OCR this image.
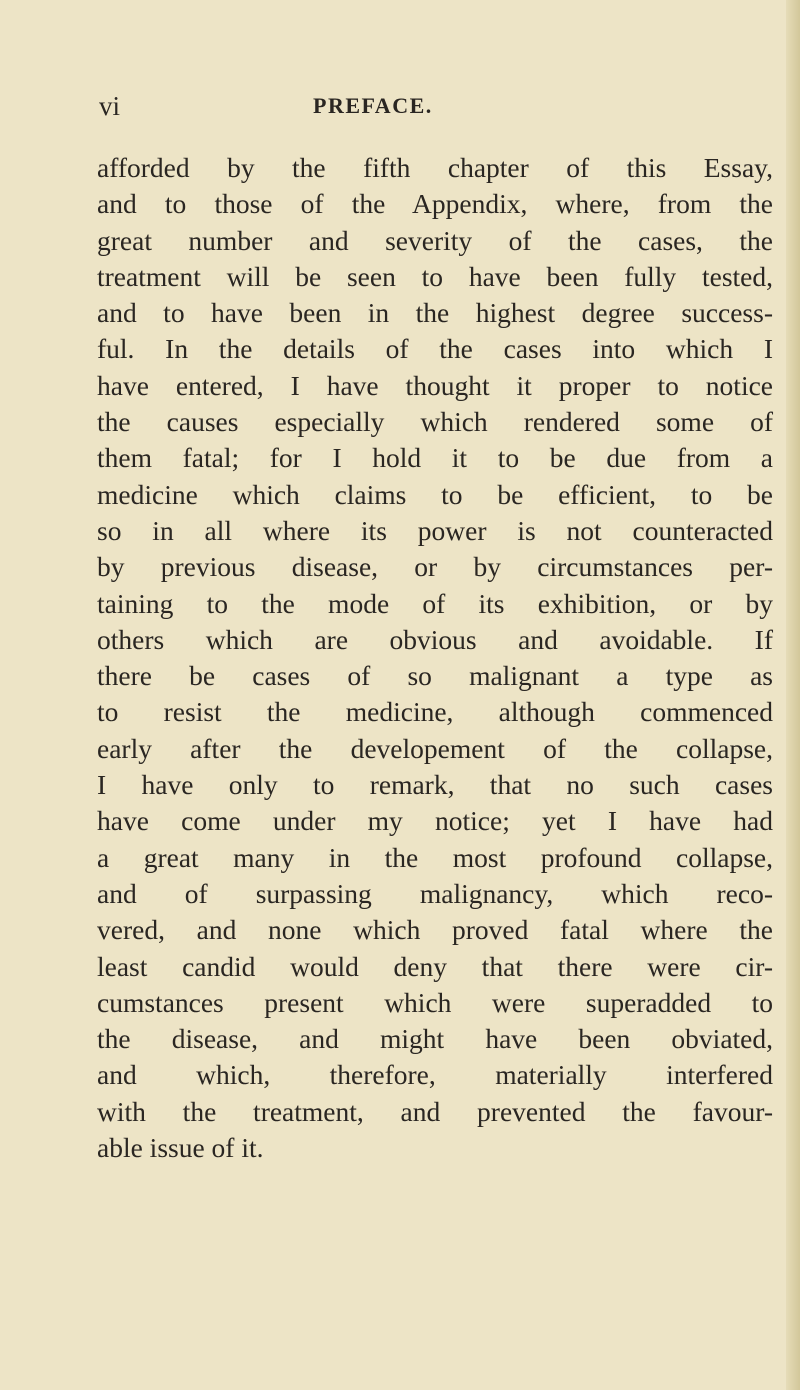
vi	PREFACE.
afforded by the fifth chapter of this Essay,
and to those of the Appendix, where, from the
great number and severity of the cases, the
treatment will be seen to have been fully tested,
and to have been in the highest degree success-
ful. In the details of the cases into which I
have entered, I have thought it proper to notice
the causes especially which rendered some of
them fatal; for I hold it to be due from a
medicine which claims to be efficient, to be
so in all where its power is not counteracted
by previous disease, or by circumstances per-
taining to the mode of its exhibition, or by
others which are obvious and avoidable. If
there be cases of so malignant a type as
to resist the medicine, although commenced
early after the developement of the collapse,
I have only to remark, that no such cases
have come under my notice; yet I have had
a great many in the most profound collapse,
and of surpassing malignancy, which reco-
vered, and none which proved fatal where the
least candid would deny that there were cir-
cumstances present which were superadded to
the disease, and might have been obviated,
and which, therefore, materially interfered
with the treatment, and prevented the favour-
able issue of it.
